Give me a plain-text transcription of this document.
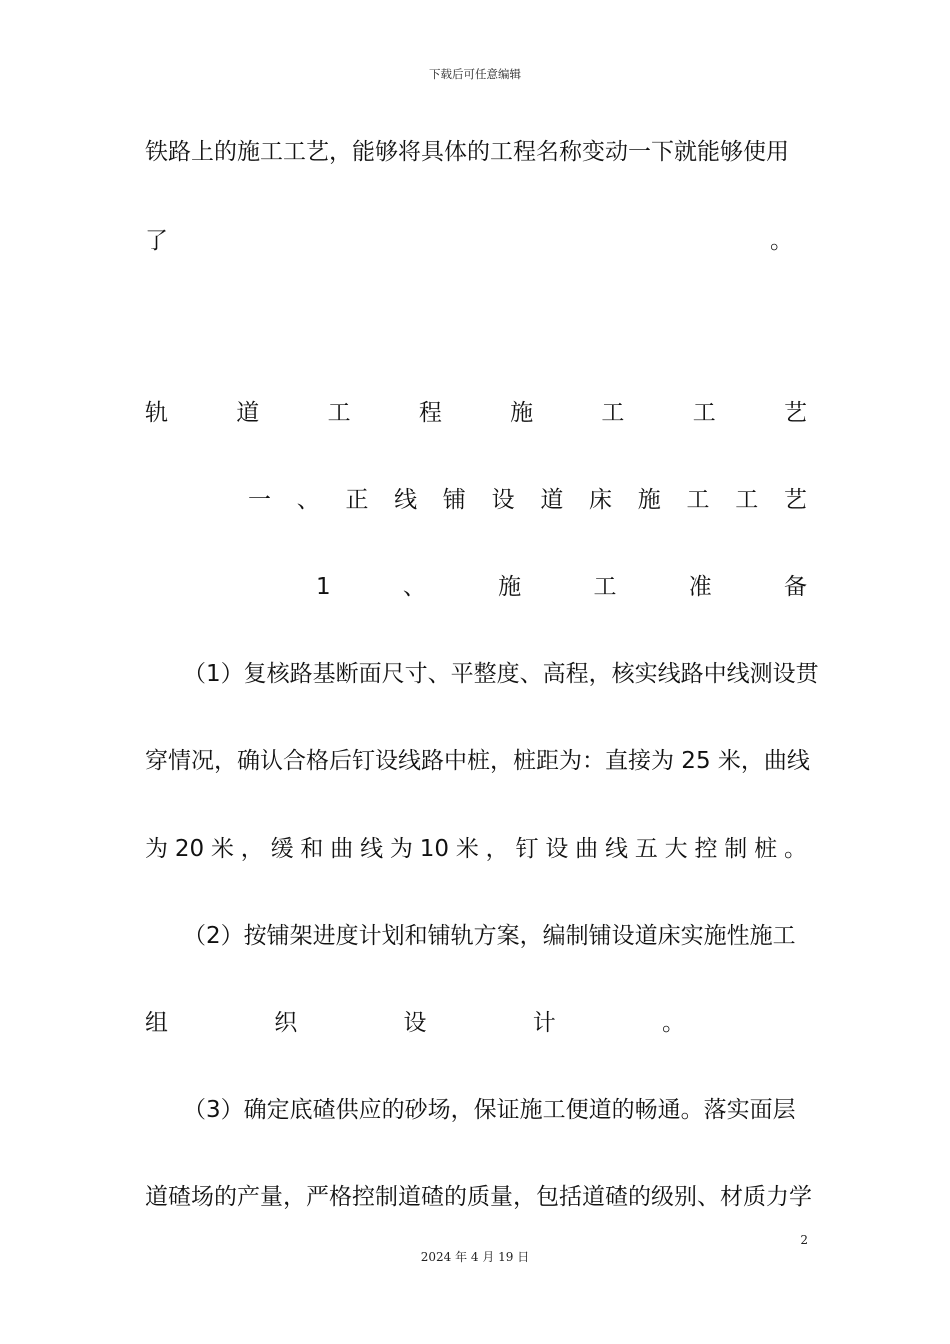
下载后可任意编辑
铁路上的施工工艺，能够将具体的工程名称变动一下就能够使用
了	。
轨	道	工	程	施	工	工	艺
一 、 正 线 铺 设 道 床 施 工 工 艺
1	、	施	工	准	备
（1）复核路基断面尺寸、平整度、高程，核实线路中线测设贯
穿情况，确认合格后钉设线路中桩，桩距为：直接为 25 米，曲线
为 20 米 ， 缓 和 曲 线 为 10 米 ， 钉 设 曲 线 五 大 控 制 桩 。
（2）按铺架进度计划和铺轨方案，编制铺设道床实施性施工
组	织	设	计	。
（3）确定底碴供应的砂场，保证施工便道的畅通。落实面层
道碴场的产量，严格控制道碴的质量，包括道碴的级别、材质力学
2
2024 年 4 月 19 日
